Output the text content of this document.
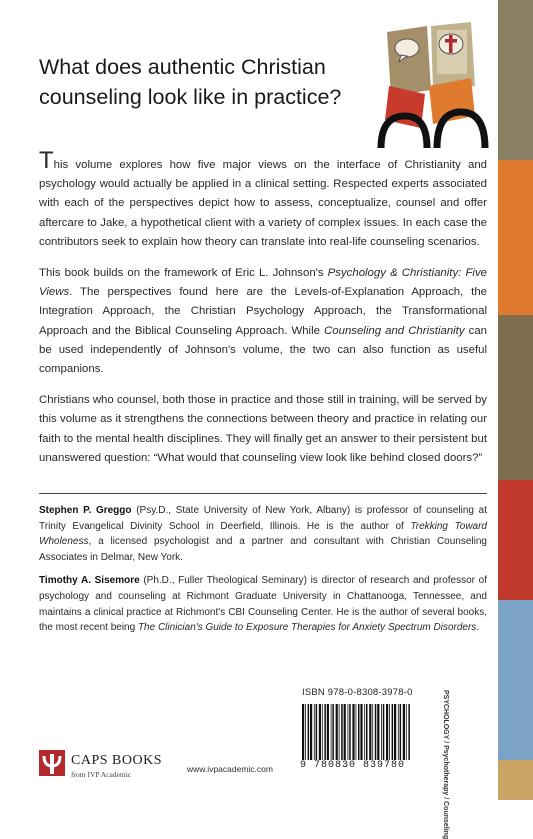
What does authentic Christian counseling look like in practice?

This volume explores how five major views on the interface of Christianity and psychology would actually be applied in a clinical setting. Respected experts associated with each of the perspectives depict how to assess, conceptualize, counsel and offer aftercare to Jake, a hypothetical client with a variety of complex issues. In each case the contributors seek to explain how theory can translate into real-life counseling scenarios.

This book builds on the framework of Eric L. Johnson's Psychology & Christianity: Five Views. The perspectives found here are the Levels-of-Explanation Approach, the Integration Approach, the Christian Psychology Approach, the Transformational Approach and the Biblical Counseling Approach. While Counseling and Christianity can be used independently of Johnson's volume, the two can also function as useful companions.

Christians who counsel, both those in practice and those still in training, will be served by this volume as it strengthens the connections between theory and practice in relating our faith to the mental health disciplines. They will finally get an answer to their persistent but unanswered question: “What would that counseling view look like behind closed doors?”

Stephen P. Greggo (Psy.D., State University of New York, Albany) is professor of counseling at Trinity Evangelical Divinity School in Deerfield, Illinois. He is the author of Trekking Toward Wholeness, a licensed psychologist and a partner and consultant with Christian Counseling Associates in Delmar, New York.

Timothy A. Sisemore (Ph.D., Fuller Theological Seminary) is director of research and professor of psychology and counseling at Richmont Graduate University in Chattanooga, Tennessee, and maintains a clinical practice at Richmont's CBI Counseling Center. He is the author of several books, the most recent being The Clinician's Guide to Exposure Therapies for Anxiety Spectrum Disorders.

ISBN 978-0-8308-3978-0
9 780830 839780	PSYCHOLOGY / Psychotherapy / Counseling
CAPS BOOKS
from IVP Academic
www.ivpacademic.com
